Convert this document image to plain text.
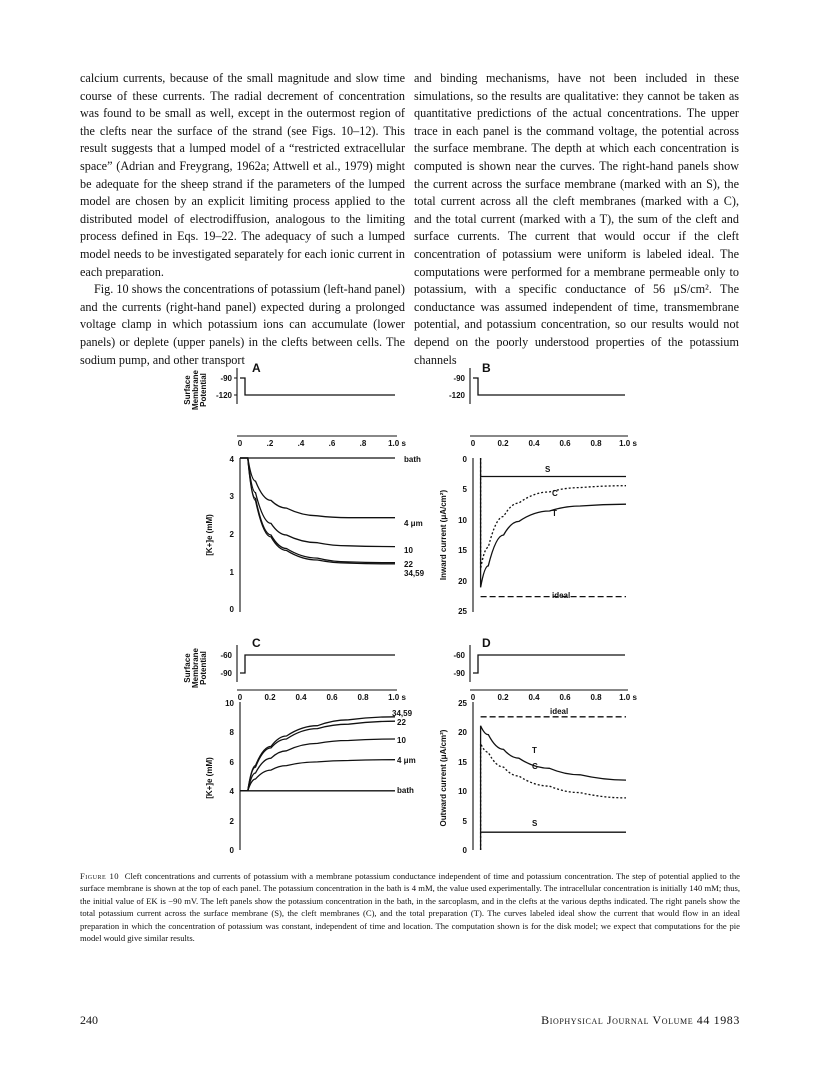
calcium currents, because of the small magnitude and slow time course of these currents. The radial decrement of concentration was found to be small as well, except in the outermost region of the clefts near the surface of the strand (see Figs. 10–12). This result suggests that a lumped model of a “restricted extracellular space” (Adrian and Freygrang, 1962a; Attwell et al., 1979) might be adequate for the sheep strand if the parameters of the lumped model are chosen by an explicit limiting process applied to the distributed model of electrodiffusion, analogous to the limiting process defined in Eqs. 19–22. The adequacy of such a lumped model needs to be investigated separately for each ionic current in each preparation.

Fig. 10 shows the concentrations of potassium (left-hand panel) and the currents (right-hand panel) expected during a prolonged voltage clamp in which potassium ions can accumulate (lower panels) or deplete (upper panels) in the clefts between cells. The sodium pump, and other transport

and binding mechanisms, have not been included in these simulations, so the results are qualitative: they cannot be taken as quantitative predictions of the actual concentrations. The upper trace in each panel is the command voltage, the potential across the surface membrane. The depth at which each concentration is computed is shown near the curves. The right-hand panels show the current across the surface membrane (marked with an S), the total current across all the cleft membranes (marked with a C), and the total current (marked with a T), the sum of the cleft and surface currents. The current that would occur if the cleft concentration of potassium were uniform is labeled ideal. The computations were performed for a membrane permeable only to potassium, with a specific conductance of 56 μS/cm². The conductance was assumed independent of time, transmembrane potential, and potassium concentration, so our results would not depend on the poorly understood properties of the potassium channels

A
Surface Membrane Potential -90
-120
0	.2	.4	.6	.8	1.0 s
0
1
2
3
4
[K+]e (mM)
bath
4 μm
10
22
34,59
B
-90
-120
0	0.2 0.4 0.6 0.8 1.0 s
0
5
10
15
20
25
Inward current (μA/cm²)
S
C
T
ideal
C
Surface Membrane Potential -60
-90
0	0.2 0.4 0.6 0.8 1.0 s
0
2
4
6
8
10
[K+]e (mM)
34,59
22
10
4 μm
bath
D
-60
-90
0	0.2 0.4 0.6 0.8 1.0 s
0
5
10
15
20
25
Outward current (μA/cm²)
ideal
T
C
S
Figure 10 Cleft concentrations and currents of potassium with a membrane potassium conductance independent of time and potassium concentration. The step of potential applied to the surface membrane is shown at the top of each panel. The potassium concentration in the bath is 4 mM, the value used experimentally. The intracellular concentration is initially 140 mM; thus, the initial value of EK is −90 mV. The left panels show the potassium concentration in the bath, in the sarcoplasm, and in the clefts at the various depths indicated. The right panels show the total potassium current across the surface membrane (S), the cleft membranes (C), and the total preparation (T). The curves labeled ideal show the current that would flow in an ideal preparation in which the concentration of potassium was constant, independent of time and location. The computation shown is for the disk model; we expect that computations for the pie model would give similar results.
240	Biophysical Journal Volume 44 1983
